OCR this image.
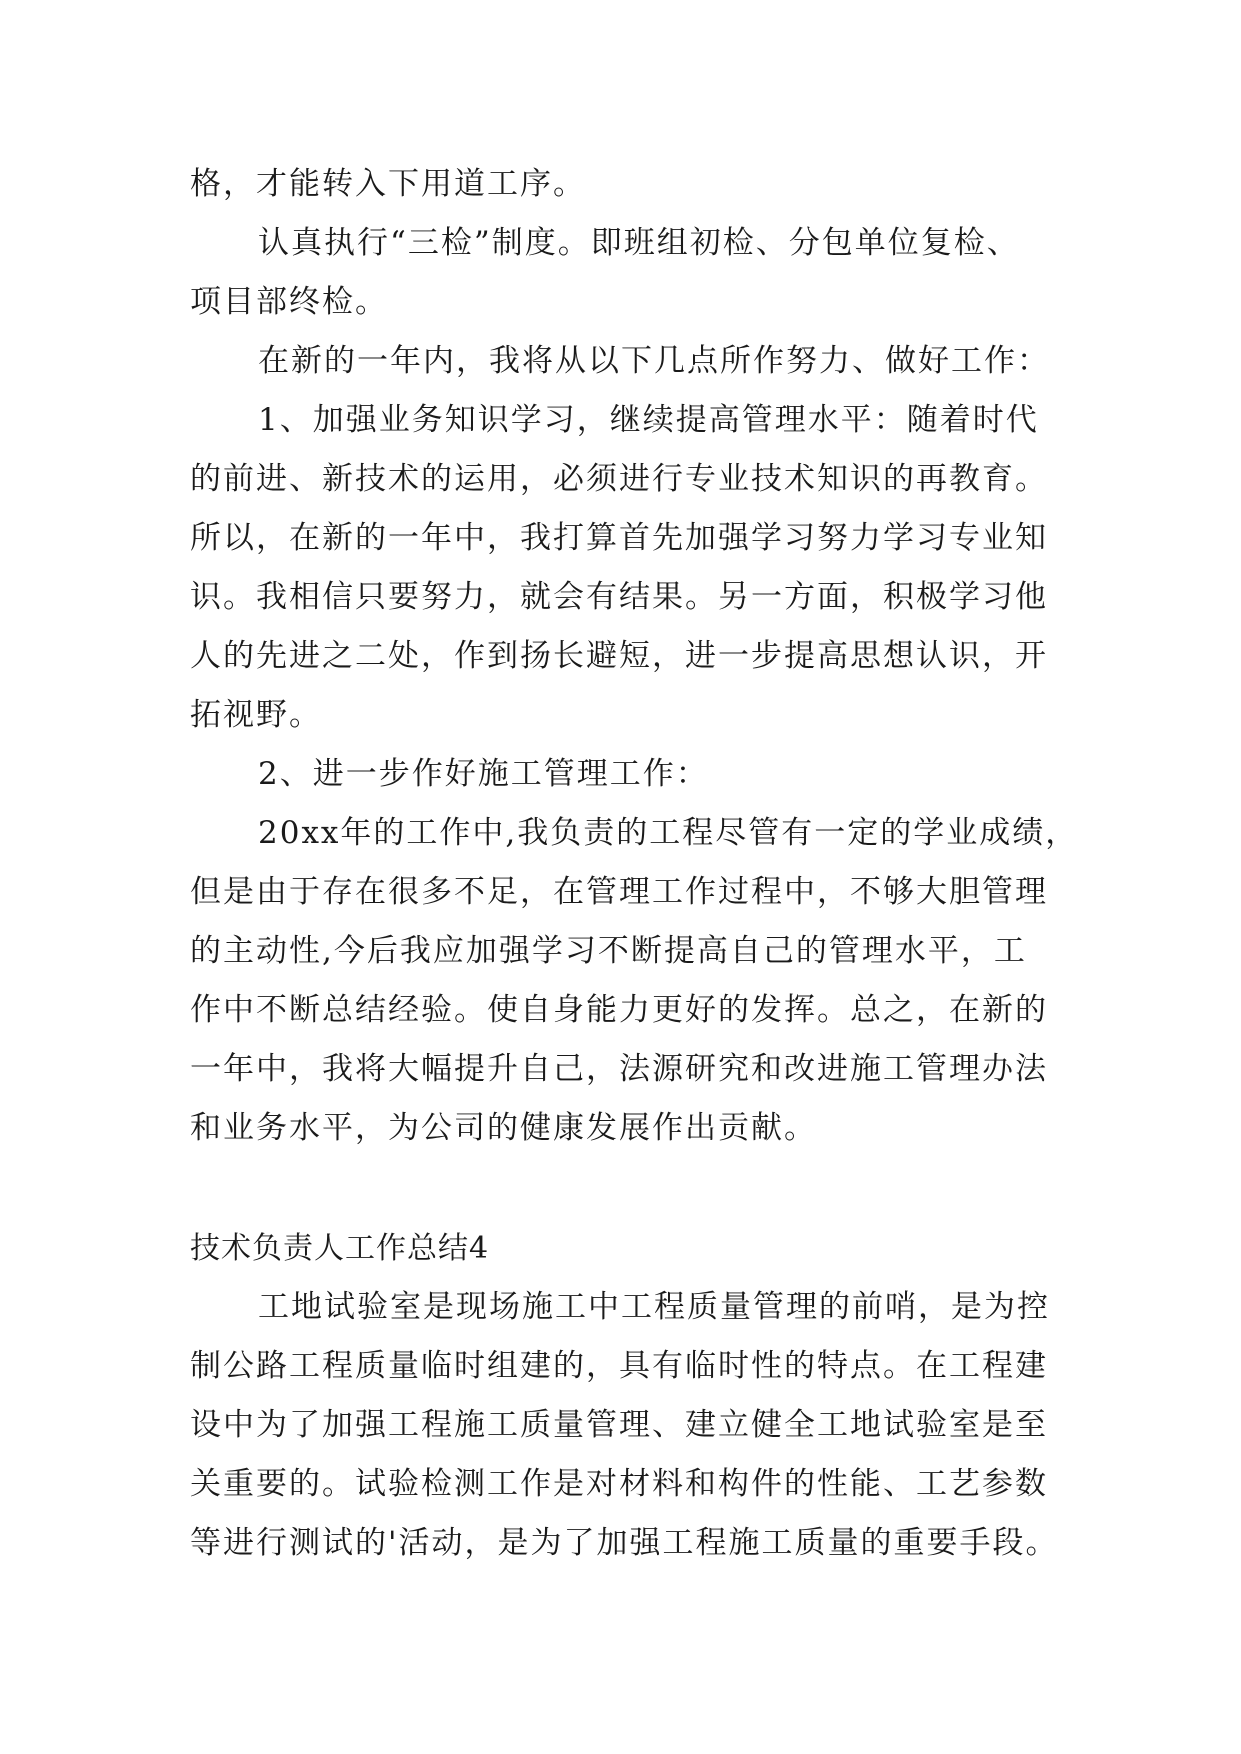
格，才能转入下用道工序。
认真执行“三检”制度。即班组初检、分包单位复检、
项目部终检。
在新的一年内，我将从以下几点所作努力、做好工作：
1、加强业务知识学习，继续提高管理水平：随着时代
的前进、新技术的运用，必须进行专业技术知识的再教育。
所以，在新的一年中，我打算首先加强学习努力学习专业知
识。我相信只要努力，就会有结果。另一方面，积极学习他
人的先进之二处，作到扬长避短，进一步提高思想认识，开
拓视野。
2、进一步作好施工管理工作：
20xx年的工作中,我负责的工程尽管有一定的学业成绩，
但是由于存在很多不足，在管理工作过程中，不够大胆管理
的主动性,今后我应加强学习不断提高自己的管理水平，工
作中不断总结经验。使自身能力更好的发挥。总之，在新的
一年中，我将大幅提升自己，法源研究和改进施工管理办法
和业务水平，为公司的健康发展作出贡献。
技术负责人工作总结4
工地试验室是现场施工中工程质量管理的前哨，是为控
制公路工程质量临时组建的，具有临时性的特点。在工程建
设中为了加强工程施工质量管理、建立健全工地试验室是至
关重要的。试验检测工作是对材料和构件的性能、工艺参数
等进行测试的'活动，是为了加强工程施工质量的重要手段。
